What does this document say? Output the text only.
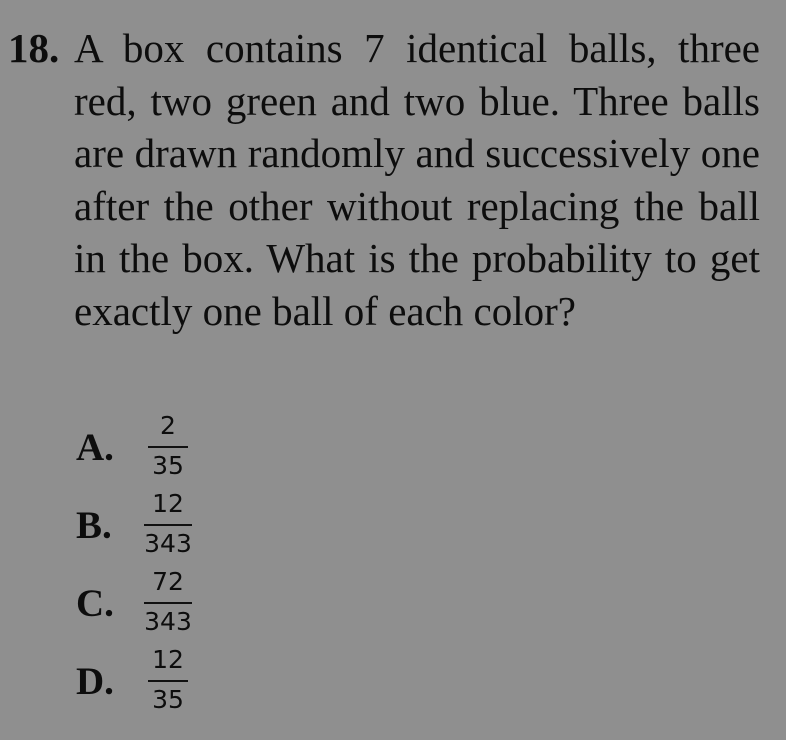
18. A box contains 7 identical balls, three red, two green and two blue. Three balls are drawn randomly and successively one after the other without replacing the ball in the box. What is the probability to get exactly one ball of each color?
A.
2
35
B.
12
343
C.
72
343
D.
12
35
